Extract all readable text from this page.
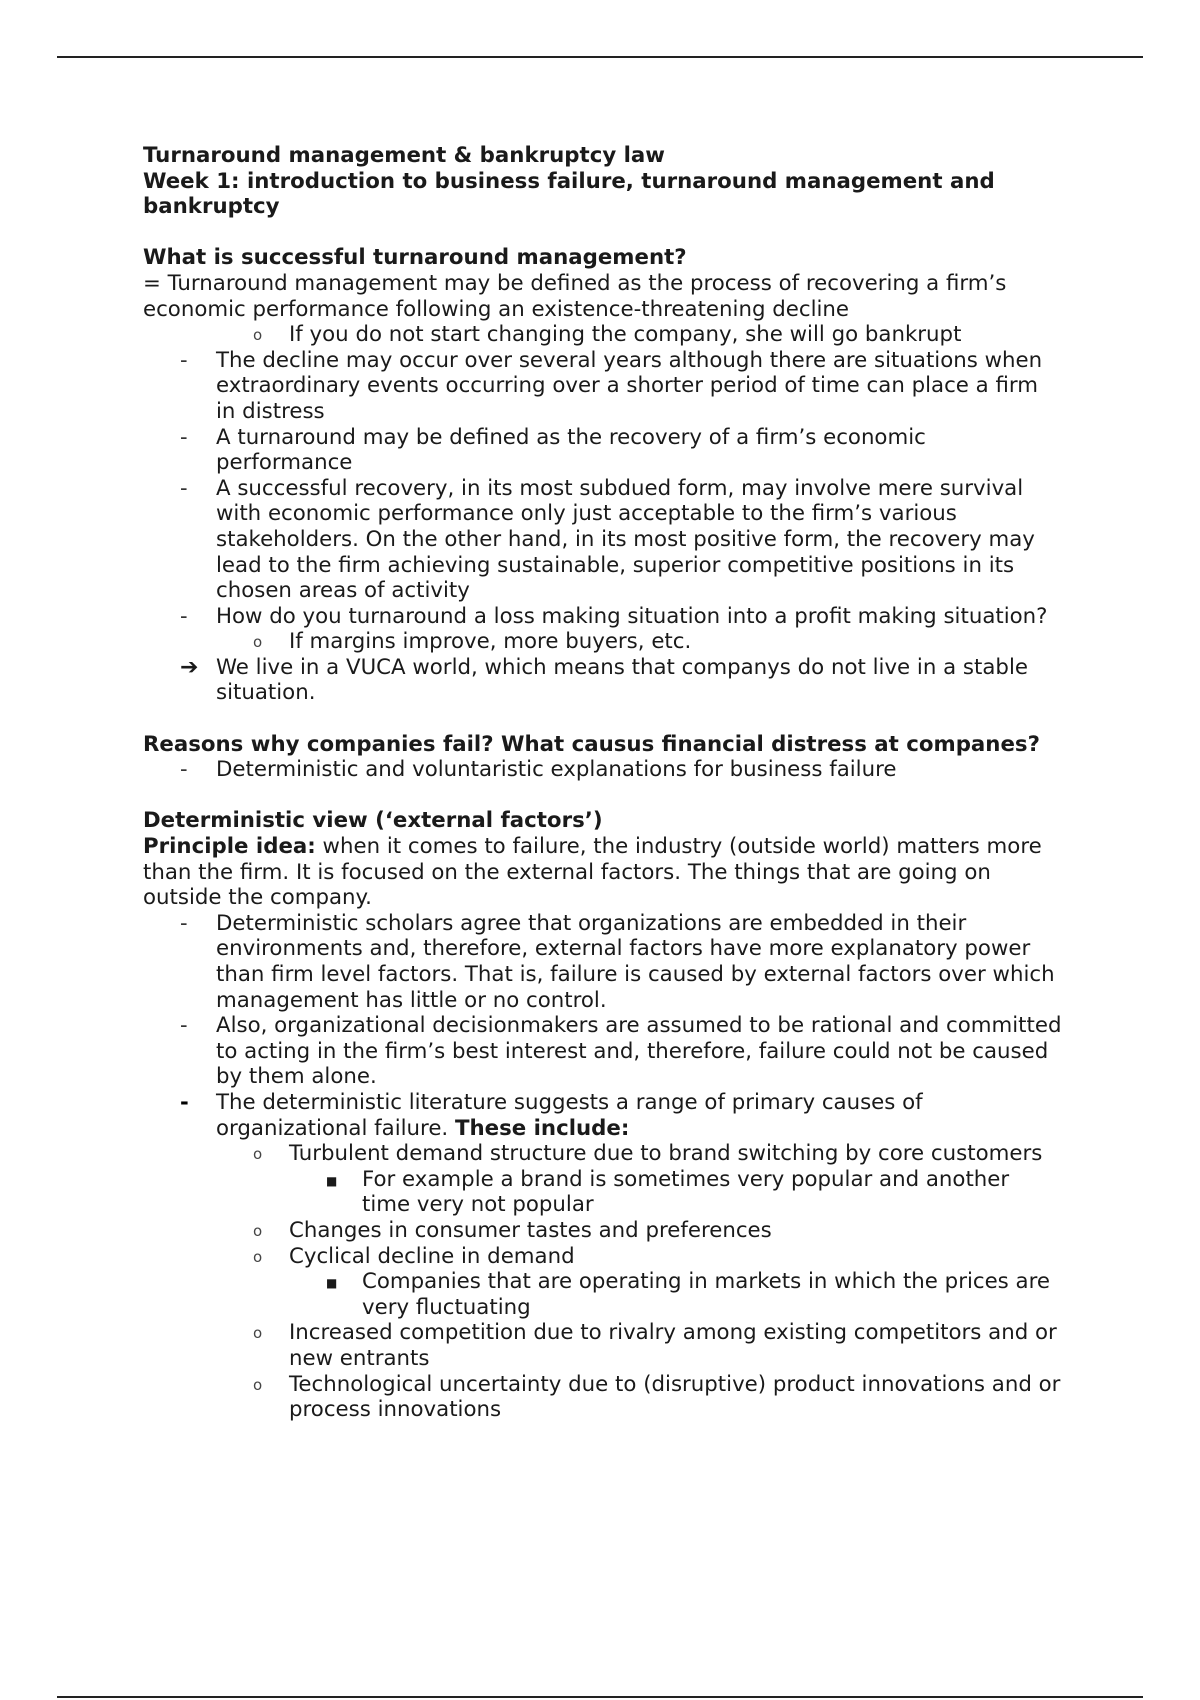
Turnaround management & bankruptcy law

Week 1: introduction to business failure, turnaround management and bankruptcy

What is successful turnaround management?

= Turnaround management may be defined as the process of recovering a firm’s economic performance following an existence-threatening decline

o If you do not start changing the company, she will go bankrupt
- The decline may occur over several years although there are situations when extraordinary events occurring over a shorter period of time can place a firm in distress
- A turnaround may be defined as the recovery of a firm’s economic performance
- A successful recovery, in its most subdued form, may involve mere survival with economic performance only just acceptable to the firm’s various stakeholders. On the other hand, in its most positive form, the recovery may lead to the firm achieving sustainable, superior competitive positions in its chosen areas of activity
- How do you turnaround a loss making situation into a profit making situation?
o If margins improve, more buyers, etc.
➔ We live in a VUCA world, which means that companys do not live in a stable situation.

Reasons why companies fail? What causus financial distress at companes?

- Deterministic and voluntaristic explanations for business failure

Deterministic view (‘external factors’)

Principle idea: when it comes to failure, the industry (outside world) matters more than the firm. It is focused on the external factors. The things that are going on outside the company.

- Deterministic scholars agree that organizations are embedded in their environments and, therefore, external factors have more explanatory power than firm level factors. That is, failure is caused by external factors over which management has little or no control.
- Also, organizational decisionmakers are assumed to be rational and committed to acting in the firm’s best interest and, therefore, failure could not be caused by them alone.
- The deterministic literature suggests a range of primary causes of organizational failure. These include:
o Turbulent demand structure due to brand switching by core customers
■ For example a brand is sometimes very popular and another time very not popular
o Changes in consumer tastes and preferences
o Cyclical decline in demand
■ Companies that are operating in markets in which the prices are very fluctuating
o Increased competition due to rivalry among existing competitors and or new entrants
o Technological uncertainty due to (disruptive) product innovations and or process innovations
